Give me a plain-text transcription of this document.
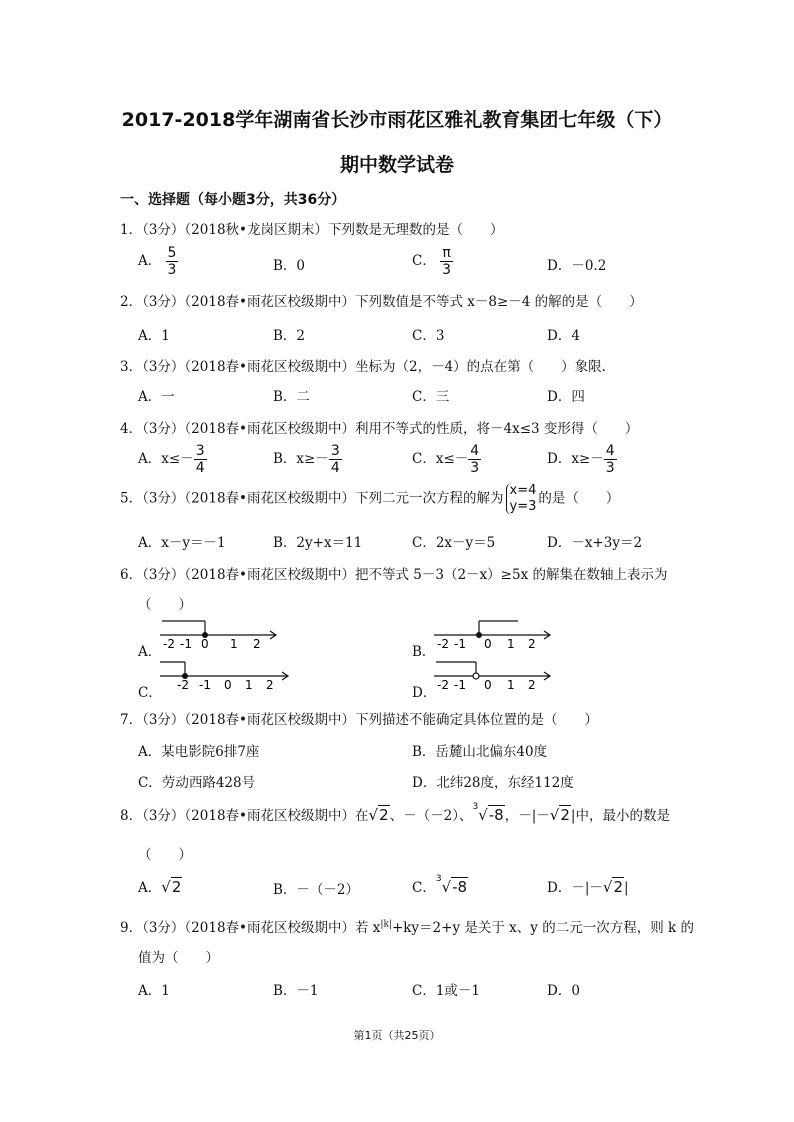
2017-2018学年湖南省长沙市雨花区雅礼教育集团七年级（下）
期中数学试卷
一、选择题（每小题3分，共36分）
1．（3分）（2018秋•龙岗区期末）下列数是无理数的是（　　）
A． $\frac{5}{3}$	B．0	C． $\frac{\pi}{3}$	D．－0.2
2．（3分）（2018春•雨花区校级期中）下列数值是不等式 x－8≥－4 的解的是（　　）
A．1	B．2	C．3	D．4
3．（3分）（2018春•雨花区校级期中）坐标为（2，－4）的点在第（　　）象限.
A．一	B．二	C．三	D．四
4．（3分）（2018春•雨花区校级期中）利用不等式的性质，将－4x≤3 变形得（　　）
A．$x\le- \frac{3}{4}$	B．$x\ge- \frac{3}{4}$	C．$x\le- \frac{4}{3}$	D．$x\ge- \frac{4}{3}$
5．（3分）（2018春•雨花区校级期中）下列二元一次方程的解为 x=4
y=3 的是（　　）
A．x－y＝－1	B．2y+x＝11	C．2x－y＝5	D．－x+3y＝2
6．（3分）（2018春•雨花区校级期中）把不等式 5－3（2－x）≥5x 的解集在数轴上表示为
（　　）
A． -2 -1 0 1 2	B． -2 -1 0 1 2
C． -2 -1 0 1 2	D． -2 -1 0 1 2
7．（3分）（2018春•雨花区校级期中）下列描述不能确定具体位置的是（　　）
A．某电影院6排7座	B．岳麓山北偏东40度
C．劳动西路428号	D．北纬28度，东经112度
8．（3分）（2018春•雨花区校级期中）在√2、－（－2）、$^3$√-8，－|－√2|中，最小的数是
（　　）
A．√2	B．－（－2）	C．$^3$√-8	D．－|－√2|
9．（3分）（2018春•雨花区校级期中）若 $x^{|k|}+ky=2+y$ 是关于 x、y 的二元一次方程，则 k 的
值为（　　）
A．1	B．－1	C．1或－1	D．0
第1页（共25页）
